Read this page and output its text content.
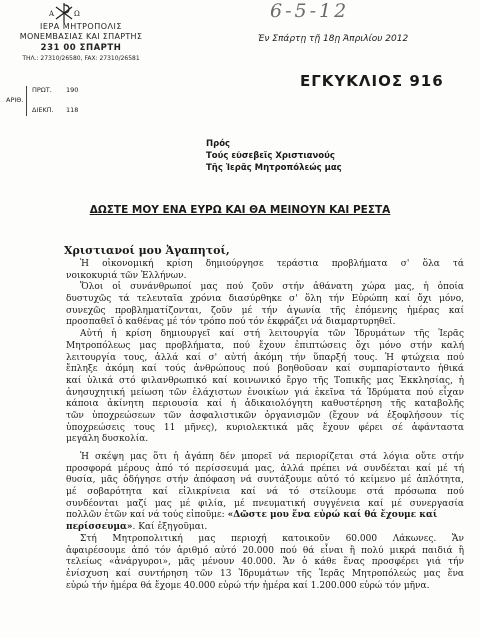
Α	Ω
ΙΕΡΑ ΜΗΤΡΟΠΟΛΙΣ
ΜΟΝΕΜΒΑΣΙΑΣ ΚΑΙ ΣΠΑΡΤΗΣ
231 00 ΣΠΑΡΤΗ
ΤΗΛ.: 27310/26580, FAX: 27310/26581
ΑΡΙΘ.
ΠΡΩΤ. 190
ΔΙΕΚΠ. 118
6-5-12
Ἐν Σπάρτῃ τῇ 18ῃ Ἀπριλίου 2012
ΕΓΚΥΚΛΙΟΣ 916
Πρός
Τούς εὐσεβεῖς Χριστιανούς
Τῆς Ἱερᾶς Μητροπόλεώς μας
ΔΩΣΤΕ ΜΟΥ ΕΝΑ ΕΥΡΩ ΚΑΙ ΘΑ ΜΕΙΝΟΥΝ ΚΑΙ ΡΕΣΤΑ
Χριστιανοί μου Ἀγαπητοί,
Ἡ οἰκονομική κρίση δημιούργησε τεράστια προβλήματα σ' ὅλα τά
νοικοκυριά τῶν Ἑλλήνων.
Ὅλοι οἱ συνάνθρωποί μας πού ζοῦν στήν ἀθάνατη χώρα μας, ἡ ὁποία
δυστυχῶς τά τελευταῖα χρόνια διασύρθηκε σ' ὅλη τήν Εὐρώπη καί ὄχι μόνο,
συνεχῶς προβληματίζονται, ζοῦν μέ τήν ἀγωνία τῆς ἑπόμενης ἡμέρας καί
προσπαθεῖ ὁ καθένας μέ τόν τρόπο πού τόν ἐκφράζει νά διαμαρτυρηθεῖ.
Αὐτή ἡ κρίση δημιουργεῖ καί στή λειτουργία τῶν Ἱδρυμάτων τῆς Ἱερᾶς
Μητροπόλεως μας προβλήματα, πού ἔχουν ἐπιπτώσεις ὄχι μόνο στήν καλή
λειτουργία τους, ἀλλά καί σ' αὐτή ἀκόμη τήν ὕπαρξή τους. Ἡ φτώχεια πού
ἔπληξε ἀκόμη καί τούς ἀνθρώπους πού βοηθοῦσαν καί συμπαρίσταντο ἠθικά
καί ὑλικά στό φιλανθρωπικό καί κοινωνικό ἔργο τῆς Τοπικῆς μας Ἐκκλησίας, ἡ
ἀνησυχητική μείωση τῶν ἐλάχιστων ἐνοικίων γιά ἐκεῖνα τά Ἱδρύματα πού εἶχαν
κάποια ἀκίνητη περιουσία καί ἡ ἀδικαιολόγητη καθυστέρηση τῆς καταβολῆς
τῶν ὑποχρεώσεων τῶν ἀσφαλιστικῶν ὀργανισμῶν (ἔχουν νά ἐξοφλήσουν τίς
ὑποχρεώσεις τους 11 μῆνες), κυριολεκτικά μᾶς ἔχουν φέρει σέ ἀφάνταστα
μεγάλη δυσκολία.
Ἡ σκέψη μας ὅτι ἡ ἀγάπη δέν μπορεῖ νά περιορίζεται στά λόγια οὔτε στήν
προσφορά μέρους ἀπό τό περίσσευμά μας, ἀλλά πρέπει νά συνδέεται καί μέ τή
θυσία, μᾶς ὁδήγησε στήν ἀπόφαση νά συντάξουμε αὐτό τό κείμενο μέ ἁπλότητα,
μέ σοβαρότητα καί εἰλικρίνεια καί νά τό στείλουμε στά πρόσωπα πού
συνδέονται μαζί μας μέ φιλία, μέ πνευματική συγγένεια καί μέ συνεργασία
πολλῶν ἐτῶν καί νά τούς εἰποῦμε: «Δῶστε μου ἕνα εὐρώ καί θά ἔχουμε καί
περίσσευμα». Καί ἐξηγοῦμαι.
Στή Μητροπολιτική μας περιοχή κατοικοῦν 60.000 Λάκωνες. Ἄν
ἀφαιρέσουμε ἀπό τόν ἀριθμό αὐτό 20.000 πού θά εἶναι ἢ πολύ μικρά παιδιά ἢ
τελείως «ἀνάργυροι», μᾶς μένουν 40.000. Ἄν ὁ κάθε ἕνας προσφέρει γιά τήν
ἐνίσχυση καί συντήρηση τῶν 13 Ἱδρυμάτων τῆς Ἱερᾶς Μητροπόλεώς μας ἕνα
εὐρώ τήν ἡμέρα θά ἔχομε 40.000 εὐρώ τήν ἡμέρα καί 1.200.000 εὐρώ τόν μῆνα.
